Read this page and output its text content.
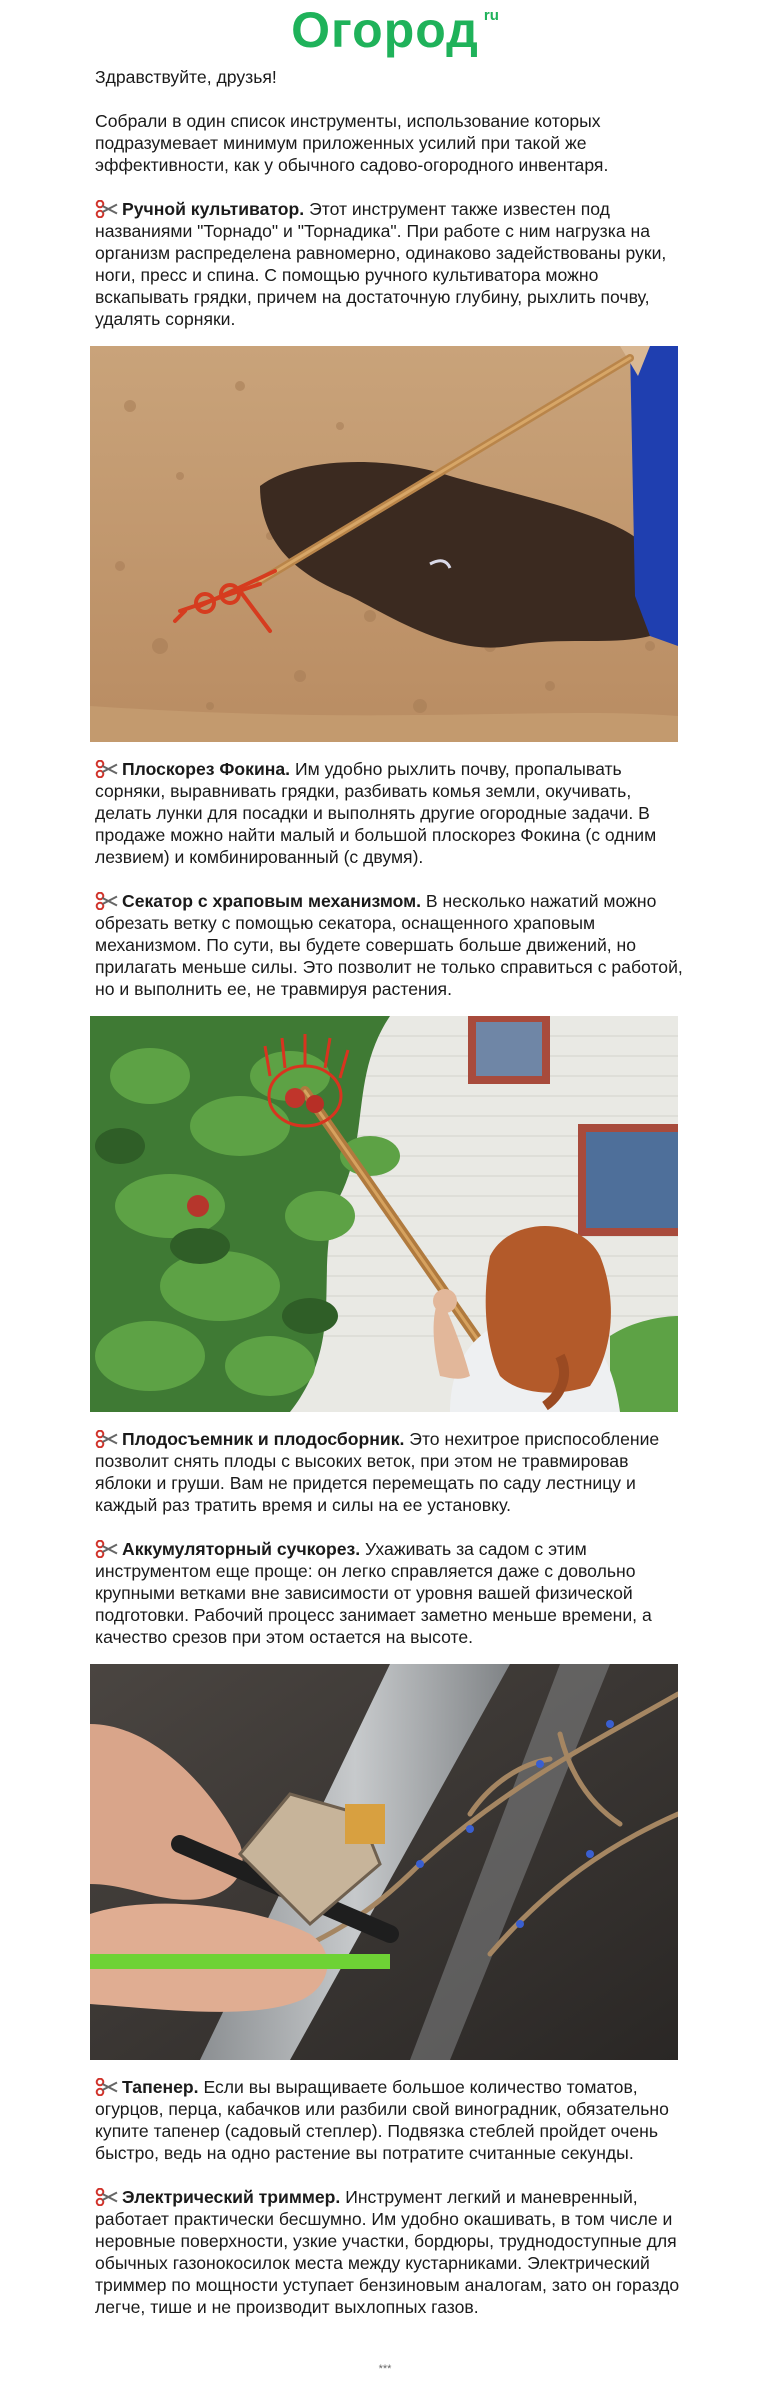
Огород ru

Здравствуйте, друзья!

Собрали в один список инструменты, использование которых подразумевает минимум приложенных усилий при такой же эффективности, как у обычного садово-огородного инвентаря.

Ручной культиватор. Этот инструмент также известен под названиями "Торнадо" и "Торнадика". При работе с ним нагрузка на организм распределена равномерно, одинаково задействованы руки, ноги, пресс и спина. С помощью ручного культиватора можно вскапывать грядки, причем на достаточную глубину, рыхлить почву, удалять сорняки.

Плоскорез Фокина. Им удобно рыхлить почву, пропалывать сорняки, выравнивать грядки, разбивать комья земли, окучивать, делать лунки для посадки и выполнять другие огородные задачи. В продаже можно найти малый и большой плоскорез Фокина (с одним лезвием) и комбинированный (с двумя).

Секатор с храповым механизмом. В несколько нажатий можно обрезать ветку с помощью секатора, оснащенного храповым механизмом. По сути, вы будете совершать больше движений, но прилагать меньше силы. Это позволит не только справиться с работой, но и выполнить ее, не травмируя растения.

Плодосъемник и плодосборник. Это нехитрое приспособление позволит снять плоды с высоких веток, при этом не травмировав яблоки и груши. Вам не придется перемещать по саду лестницу и каждый раз тратить время и силы на ее установку.

Аккумуляторный сучкорез. Ухаживать за садом с этим инструментом еще проще: он легко справляется даже с довольно крупными ветками вне зависимости от уровня вашей физической подготовки. Рабочий процесс занимает заметно меньше времени, а качество срезов при этом остается на высоте.

Тапенер. Если вы выращиваете большое количество томатов, огурцов, перца, кабачков или разбили свой виноградник, обязательно купите тапенер (садовый степлер). Подвязка стеблей пройдет очень быстро, ведь на одно растение вы потратите считанные секунды.

Электрический триммер. Инструмент легкий и маневренный, работает практически бесшумно. Им удобно окашивать, в том числе и неровные поверхности, узкие участки, бордюры, труднодоступные для обычных газонокосилок места между кустарниками. Электрический триммер по мощности уступает бензиновым аналогам, зато он гораздо легче, тише и не производит выхлопных газов.

***
